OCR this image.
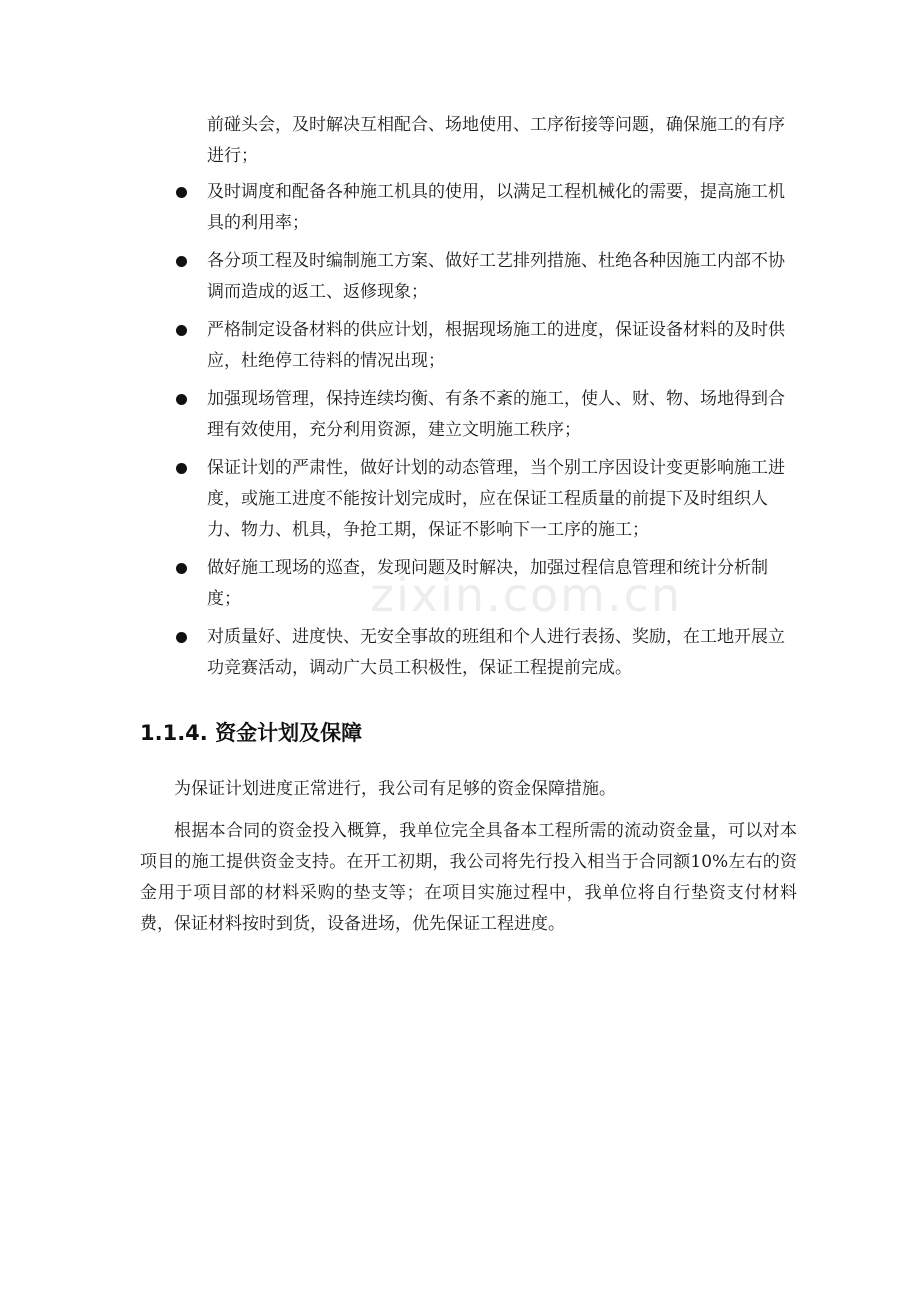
前碰头会，及时解决互相配合、场地使用、工序衔接等问题，确保施工的有序进行；

及时调度和配备各种施工机具的使用，以满足工程机械化的需要，提高施工机具的利用率；

各分项工程及时编制施工方案、做好工艺排列措施、杜绝各种因施工内部不协调而造成的返工、返修现象；

严格制定设备材料的供应计划，根据现场施工的进度，保证设备材料的及时供应，杜绝停工待料的情况出现；

加强现场管理，保持连续均衡、有条不紊的施工，使人、财、物、场地得到合理有效使用，充分利用资源，建立文明施工秩序；

保证计划的严肃性，做好计划的动态管理，当个别工序因设计变更影响施工进度，或施工进度不能按计划完成时，应在保证工程质量的前提下及时组织人力、物力、机具，争抢工期，保证不影响下一工序的施工；

做好施工现场的巡查，发现问题及时解决，加强过程信息管理和统计分析制度；

对质量好、进度快、无安全事故的班组和个人进行表扬、奖励，在工地开展立功竞赛活动，调动广大员工积极性，保证工程提前完成。

zixin.com.cn
1.1.4. 资金计划及保障

为保证计划进度正常进行，我公司有足够的资金保障措施。

根据本合同的资金投入概算，我单位完全具备本工程所需的流动资金量，可以对本项目的施工提供资金支持。在开工初期，我公司将先行投入相当于合同额10%左右的资金用于项目部的材料采购的垫支等；在项目实施过程中，我单位将自行垫资支付材料费，保证材料按时到货，设备进场，优先保证工程进度。
